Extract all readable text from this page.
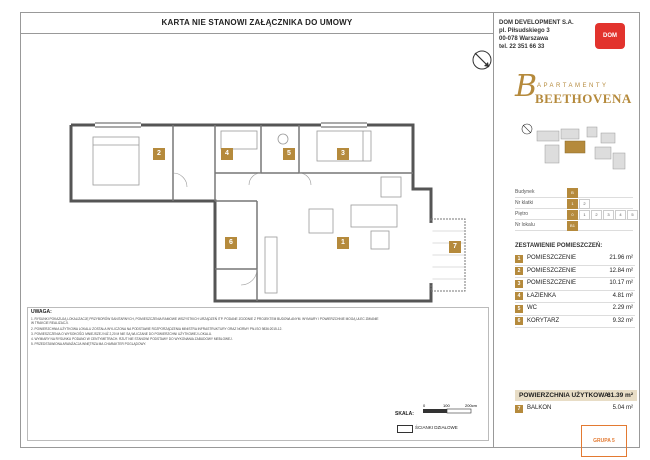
KARTA NIE STANOWI ZAŁĄCZNIKA DO UMOWY	DOM DEVELOPMENT S.A.
pl. Piłsudskiego 3
00-078 Warszawa
tel. 22 351 66 33
DOM
B APARTAMENTY
BEETHOVENA
2	4	5	3
6	1
7
Budynek	B
Nr klatki	1	2
Piętro	0	1	2	3	4	5
Nr lokalu	B1
ZESTAWIENIE POMIESZCZEŃ:
1	POMIESZCZENIE	21.96 m²
2	POMIESZCZENIE	12.84 m²
3	POMIESZCZENIE	10.17 m²
4	ŁAZIENKA	4.81 m²
5	WC	2.29 m²
6	KORYTARZ	9.32 m²
POWIERZCHNIA UŻYTKOWA:
61.39 m²
7	BALKON	5.04 m²
GRUPA 5
UWAGA:

1. RYSUNKI POKAZUJĄ LOKALIZACJĘ PRZYBORÓW SANITARNYCH, POMIESZCZENIA RAMOWE WSZYSTKICH URZĄDZEŃ ITP. PODANE ZGODNIE Z PROJEKTEM BUDOWLANYM. WYMIARY I POWIERZCHNIE MOGĄ ULEC ZMIANIE W TRAKCIE REALIZACJI.

2. POWIERZCHNIA UŻYTKOWA LOKALU ZOSTAŁA WYLICZONA NA PODSTAWIE ROZPORZĄDZENIA MINISTRA INFRASTRUKTURY ORAZ NORMY PN-ISO 9836:2015-12.

3. POMIESZCZENIA O WYSOKOŚCI MNIEJSZEJ NIŻ 2,20 M NIE SĄ WLICZANE DO POWIERZCHNI UŻYTKOWEJ LOKALU.

4. WYMIARY NA RYSUNKU PODANO W CENTYMETRACH. RZUT NIE STANOWI PODSTAWY DO WYKONANIA ZABUDOWY MEBLOWEJ.

5. PRZEDSTAWIONA ARANŻACJA WNĘTRZA MA CHARAKTER POGLĄDOWY.

SKALA:
0	100	200cm
ŚCIANKI DZIAŁOWE
